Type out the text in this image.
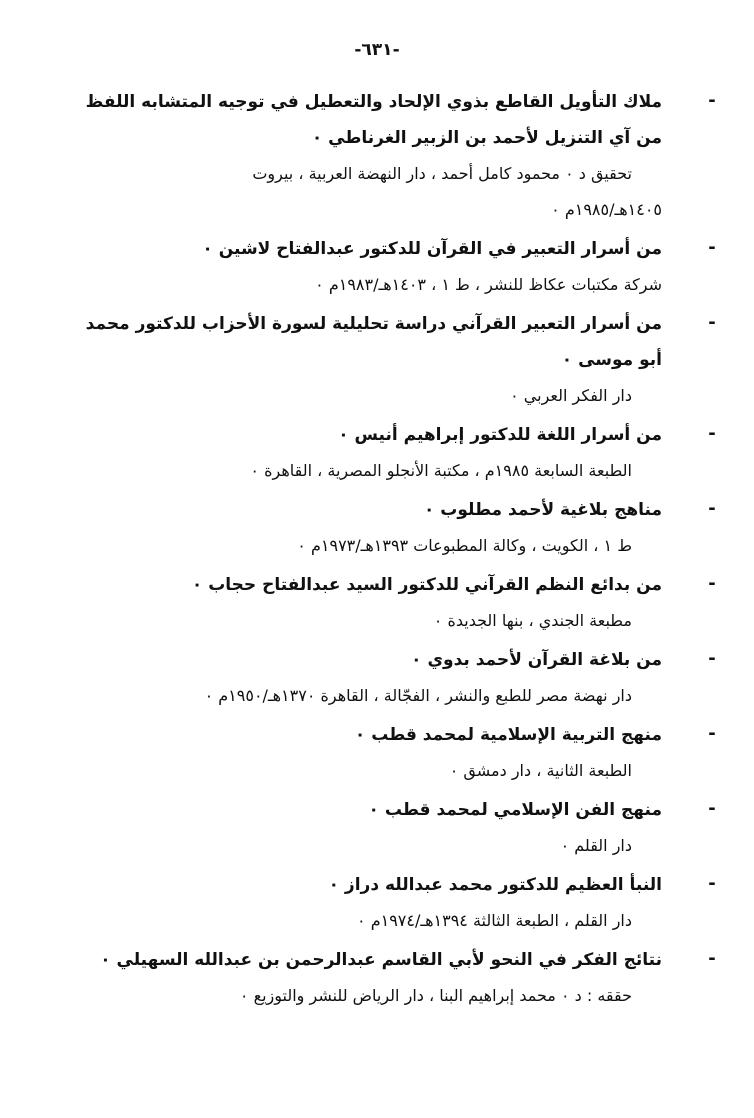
-٦٣١-
-
ملاك التأويل القاطع بذوي الإلحاد والتعطيل في توجيه المتشابه اللفظ
من آي التنزيل لأحمد بن الزبير الغرناطي ٠
تحقيق د ٠ محمود كامل أحمد ، دار النهضة العربية ، بيروت
١٤٠٥هـ/١٩٨٥م ٠
-
من أسرار التعبير في القرآن للدكتور عبدالفتاح لاشين ٠
شركة مكتبات عكاظ للنشر ، ط ١ ، ١٤٠٣هـ/١٩٨٣م ٠
-
من أسرار التعبير القرآني دراسة تحليلية لسورة الأحزاب للدكتور محمد
أبو موسى ٠
دار الفكر العربي ٠
-
من أسرار اللغة للدكتور إبراهيم أنيس ٠
الطبعة السابعة ١٩٨٥م ، مكتبة الأنجلو المصرية ، القاهرة ٠
-
مناهج بلاغية لأحمد مطلوب ٠
ط ١ ، الكويت ، وكالة المطبوعات ١٣٩٣هـ/١٩٧٣م ٠
-
من بدائع النظم القرآني للدكتور السيد عبدالفتاح حجاب ٠
مطبعة الجندي ، بنها الجديدة ٠
-
من بلاغة القرآن لأحمد بدوي ٠
دار نهضة مصر للطبع والنشر ، الفجّالة ، القاهرة ١٣٧٠هـ/١٩٥٠م ٠
-
منهج التربية الإسلامية لمحمد قطب ٠
الطبعة الثانية ، دار دمشق ٠
-
منهج الفن الإسلامي لمحمد قطب ٠
دار القلم ٠
-
النبأ العظيم للدكتور محمد عبدالله دراز ٠
دار القلم ، الطبعة الثالثة ١٣٩٤هـ/١٩٧٤م ٠
-
نتائج الفكر في النحو لأبي القاسم عبدالرحمن بن عبدالله السهيلي ٠
حققه : د ٠ محمد إبراهيم البنا ، دار الرياض للنشر والتوزيع ٠
